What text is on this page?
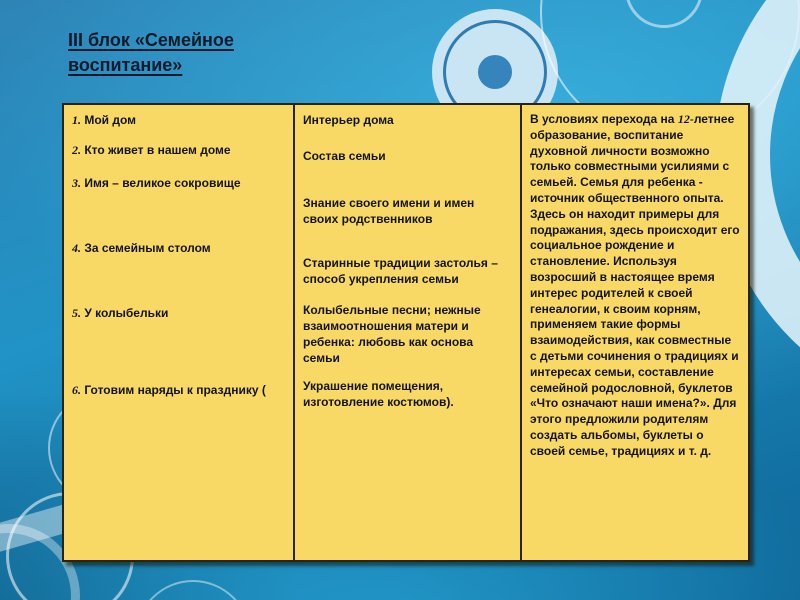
III блок «Семейное
воспитание»
1. Мой дом
2. Кто живет в нашем доме
3. Имя – великое сокровище
4. За семейным столом
5. У колыбельки
6. Готовим наряды к празднику (

Интерьер дома

Состав семьи

Знание своего имени и имен своих родственников

Старинные традиции застолья – способ укрепления семьи

Колыбельные песни; нежные взаимоотношения матери и ребенка: любовь как основа семьи

Украшение помещения, изготовление костюмов).

В условиях перехода на 12-летнее образование, воспитание духовной личности возможно только совместными усилиями с семьей. Семья для ребенка - источник общественного опыта. Здесь он находит примеры для подражания, здесь происходит его социальное рождение и становление. Используя возросший в настоящее время интерес родителей к своей генеалогии, к своим корням, применяем такие формы взаимодействия, как совместные с детьми сочинения о традициях и интересах семьи, составление семейной родословной, буклетов «Что означают наши имена?». Для этого предложили родителям создать альбомы, буклеты о своей семье, традициях и т. д.
